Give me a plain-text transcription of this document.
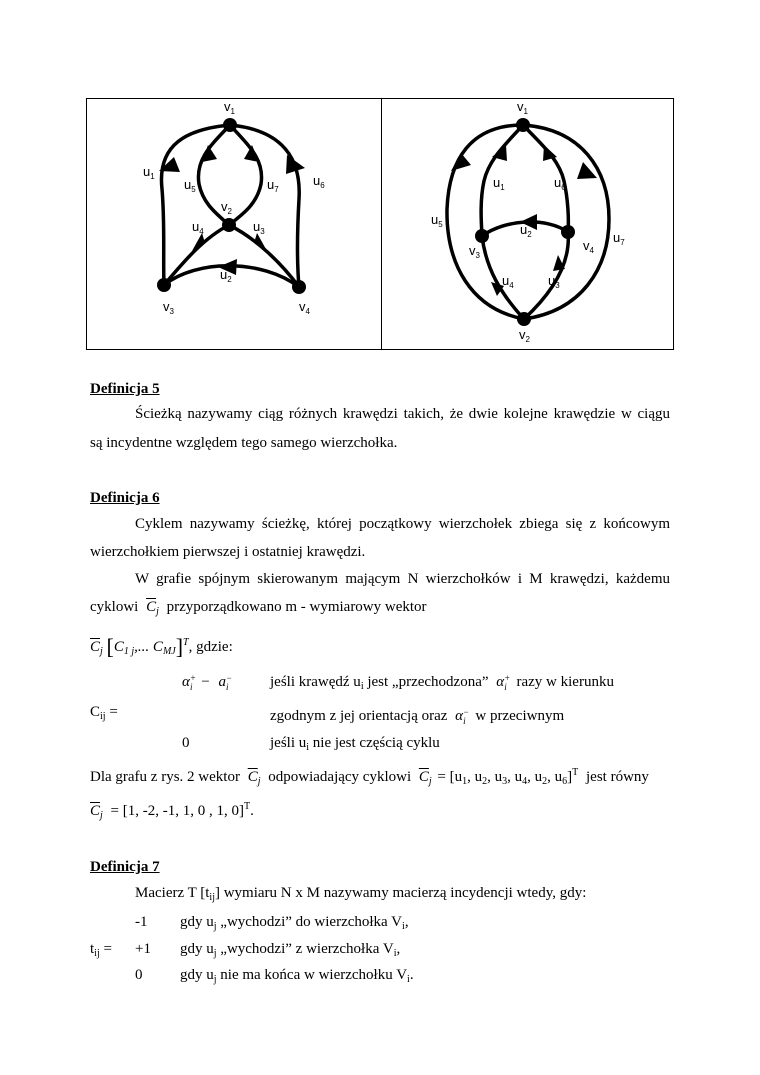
$v_1$
$v_2$
$v_3$	$v_4$
$u_1$
$u_5$	$u_7$
$u_6$
$u_4$	$u_3$
$u_2$
$v_1$
$v_3$
$v_4$
$v_2$
$u_1$	$u_6$
$u_5$
$u_7$
$u_2$
$u_4$	$u_3$
Definicja 5
Ścieżką nazywamy ciąg różnych krawędzi takich, że dwie kolejne krawędzie w ciągu
są incydentne względem tego samego wierzchołka.
Definicja 6
Cyklem nazywamy ścieżkę, której początkowy wierzchołek zbiega się z końcowym
wierzchołkiem pierwszej i ostatniej krawędzi.
W grafie spójnym skierowanym mającym N wierzchołków i M krawędzi, każdemu
cyklowi $\overline{C}_j$ przyporządkowano m - wymiarowy wektor
$\overline{C}_j$ [$C_{1 j}$,... $C_{MJ}]^T$, gdzie:
$\alpha^+_i - a^-_i$	jeśli krawędź $u_i$ jest „przechodzona” $\alpha^+_i$ razy w kierunku
$C_{ij}$ =	zgodnym z jej orientacją oraz $\alpha^-_i$ w przeciwnym
0	jeśli $u_i$ nie jest częścią cyklu
Dla grafu z rys. 2 wektor $\overline{C}_j$ odpowiadający cyklowi $\overline{C}_j = [u_1$, $u_2$, $u_3$, $u_4$, $u_2$, $u_6]^T$ jest równy
$\overline{C}_j = [1$, -2, -1, 1, 0 , 1, 0]$^T$.
Definicja 7
Macierz T $[t_{ij}]$ wymiaru N x M nazywamy macierzą incydencji wtedy, gdy:
-1 gdy $u_j$ „wychodzi” do wierzchołka $V_i$,
$t_{ij} = +1$ gdy $u_j$ „wychodzi” z wierzchołka $V_i$,
0	gdy $u_j$ nie ma końca w wierzchołku $V_i$.
